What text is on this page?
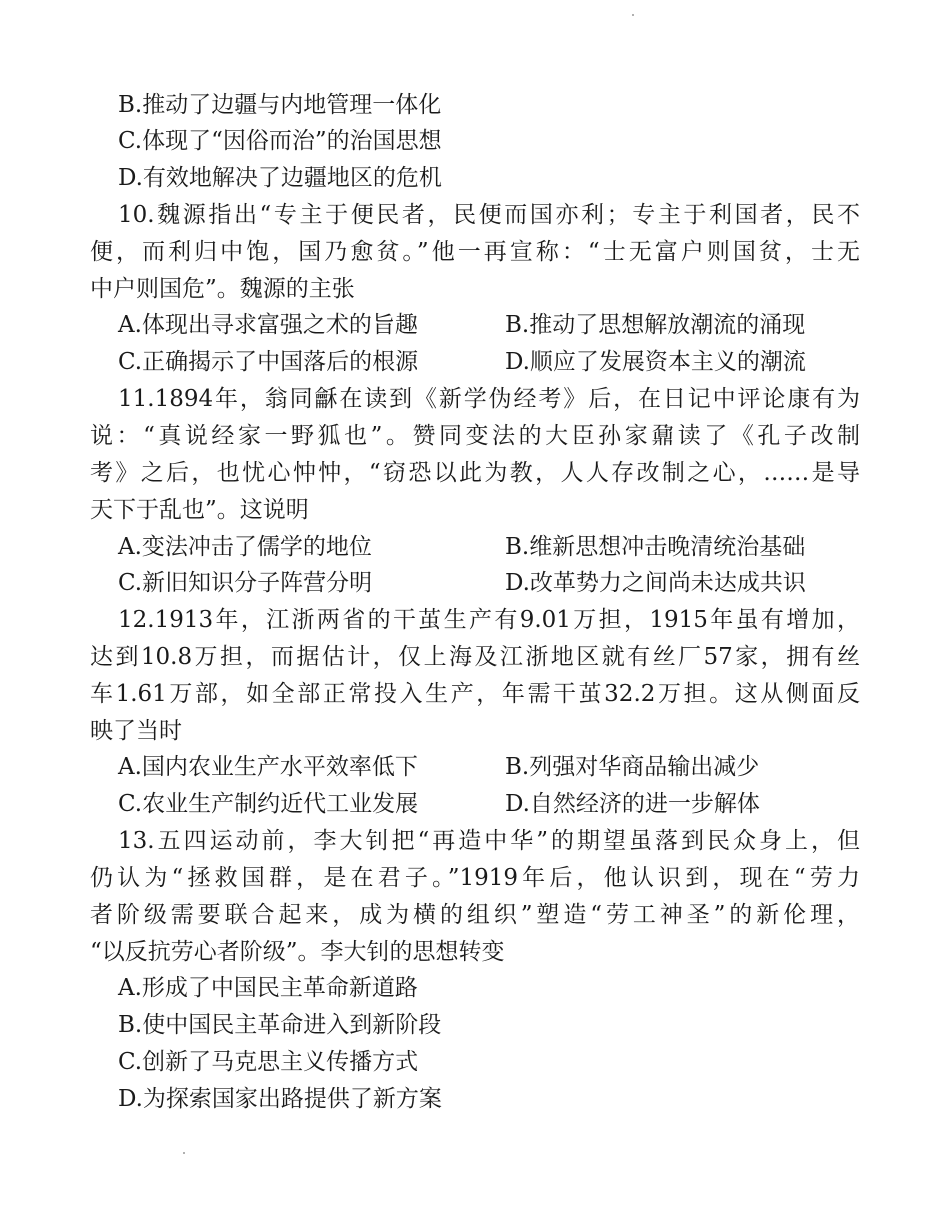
B.推动了边疆与内地管理一体化
C.体现了“因俗而治”的治国思想
D.有效地解决了边疆地区的危机
10.魏源指出“专主于便民者，民便而国亦利；专主于利国者，民不
便，而利归中饱，国乃愈贫。”他一再宣称：“士无富户则国贫，士无
中户则国危”。魏源的主张
A.体现出寻求富强之术的旨趣	B.推动了思想解放潮流的涌现
C.正确揭示了中国落后的根源	D.顺应了发展资本主义的潮流
11.1894年，翁同龢在读到《新学伪经考》后，在日记中评论康有为
说：“真说经家一野狐也”。赞同变法的大臣孙家鼐读了《孔子改制
考》之后，也忧心忡忡，“窃恐以此为教，人人存改制之心，……是导
天下于乱也”。这说明
A.变法冲击了儒学的地位	B.维新思想冲击晚清统治基础
C.新旧知识分子阵营分明	D.改革势力之间尚未达成共识
12.1913年，江浙两省的干茧生产有9.01万担，1915年虽有增加，
达到10.8万担，而据估计，仅上海及江浙地区就有丝厂57家，拥有丝
车1.61万部，如全部正常投入生产，年需干茧32.2万担。这从侧面反
映了当时
A.国内农业生产水平效率低下	B.列强对华商品输出减少
C.农业生产制约近代工业发展	D.自然经济的进一步解体
13.五四运动前，李大钊把“再造中华”的期望虽落到民众身上，但
仍认为“拯救国群，是在君子。”1919年后，他认识到，现在“劳力
者阶级需要联合起来，成为横的组织”塑造“劳工神圣”的新伦理，
“以反抗劳心者阶级”。李大钊的思想转变
A.形成了中国民主革命新道路
B.使中国民主革命进入到新阶段
C.创新了马克思主义传播方式
D.为探索国家出路提供了新方案
